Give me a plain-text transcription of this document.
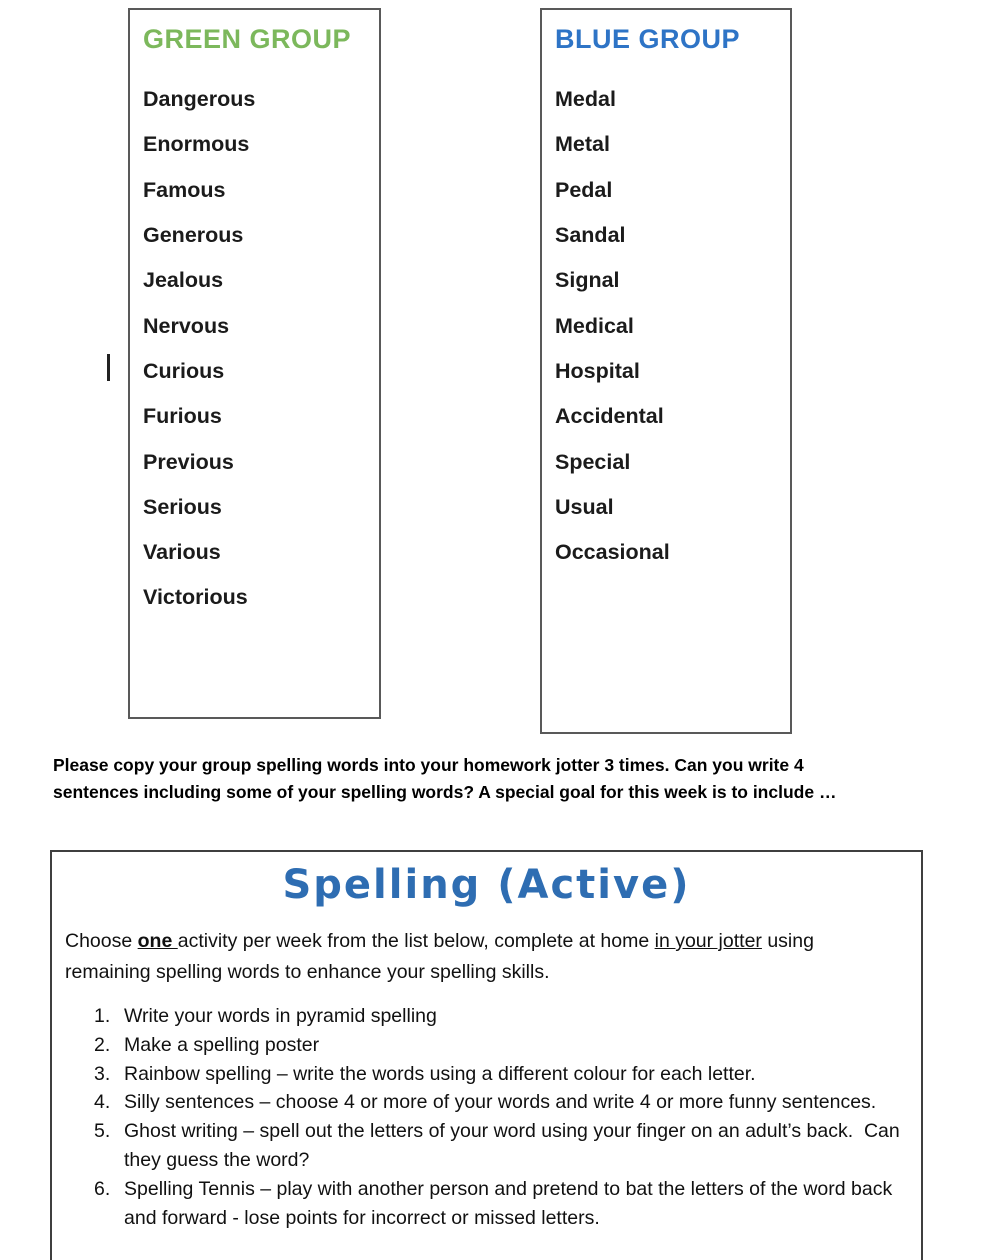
GREEN GROUP
Dangerous
Enormous
Famous
Generous
Jealous
Nervous
Curious
Furious
Previous
Serious
Various
Victorious
BLUE GROUP
Medal
Metal
Pedal
Sandal
Signal
Medical
Hospital
Accidental
Special
Usual
Occasional

Please copy your group spelling words into your homework jotter 3 times. Can you write 4
sentences including some of your spelling words? A special goal for this week is to include …

Spelling (Active)

Choose one activity per week from the list below, complete at home in your jotter using
remaining spelling words to enhance your spelling skills.

1. Write your words in pyramid spelling
2. Make a spelling poster
3. Rainbow spelling – write the words using a different colour for each letter.
4. Silly sentences – choose 4 or more of your words and write 4 or more funny sentences.
5. Ghost writing – spell out the letters of your word using your finger on an adult’s back.  Can they guess the word?
6. Spelling Tennis – play with another person and pretend to bat the letters of the word back and forward - lose points for incorrect or missed letters.
